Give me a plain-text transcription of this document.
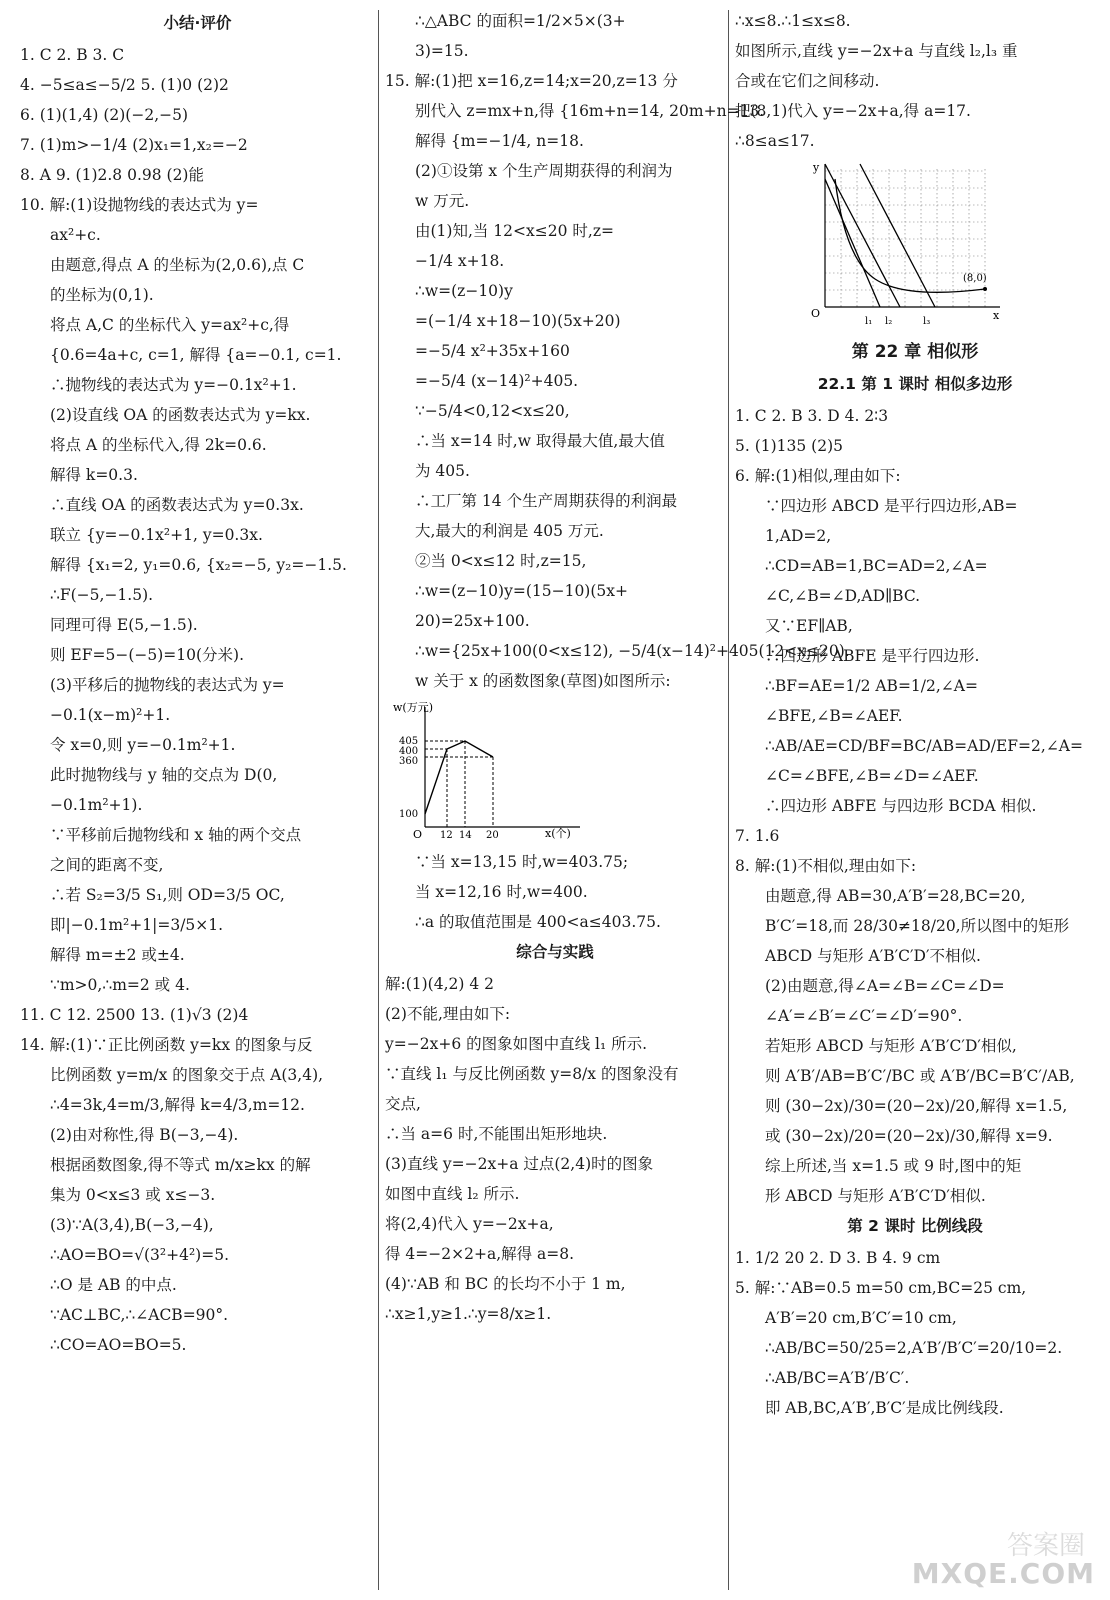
小结·评价
1. C 2. B 3. C
4. −5≤a≤−5/2 5. (1)0 (2)2
6. (1)(1,4) (2)(−2,−5)
7. (1)m>−1/4 (2)x₁=1,x₂=−2
8. A 9. (1)2.8 0.98 (2)能
10. 解:(1)设抛物线的表达式为 y=
ax²+c.
由题意,得点 A 的坐标为(2,0.6),点 C
的坐标为(0,1).
将点 A,C 的坐标代入 y=ax²+c,得
{0.6=4a+c, c=1, 解得 {a=−0.1, c=1.
∴抛物线的表达式为 y=−0.1x²+1.
(2)设直线 OA 的函数表达式为 y=kx.
将点 A 的坐标代入,得 2k=0.6.
解得 k=0.3.
∴直线 OA 的函数表达式为 y=0.3x.
联立 {y=−0.1x²+1, y=0.3x.
解得 {x₁=2, y₁=0.6, {x₂=−5, y₂=−1.5.
∴F(−5,−1.5).
同理可得 E(5,−1.5).
则 EF=5−(−5)=10(分米).
(3)平移后的抛物线的表达式为 y=
−0.1(x−m)²+1.
令 x=0,则 y=−0.1m²+1.
此时抛物线与 y 轴的交点为 D(0,
−0.1m²+1).
∵平移前后抛物线和 x 轴的两个交点
之间的距离不变,
∴若 S₂=3/5 S₁,则 OD=3/5 OC,
即|−0.1m²+1|=3/5×1.
解得 m=±2 或±4.
∵m>0,∴m=2 或 4.
11. C 12. 2500 13. (1)√3 (2)4
14. 解:(1)∵正比例函数 y=kx 的图象与反
比例函数 y=m/x 的图象交于点 A(3,4),
∴4=3k,4=m/3,解得 k=4/3,m=12.
(2)由对称性,得 B(−3,−4).
根据函数图象,得不等式 m/x≥kx 的解
集为 0<x≤3 或 x≤−3.
(3)∵A(3,4),B(−3,−4),
∴AO=BO=√(3²+4²)=5.
∴O 是 AB 的中点.
∵AC⊥BC,∴∠ACB=90°.
∴CO=AO=BO=5.
∴△ABC 的面积=1/2×5×(3+
3)=15.
15. 解:(1)把 x=16,z=14;x=20,z=13 分
别代入 z=mx+n,得 {16m+n=14, 20m+n=13.
解得 {m=−1/4, n=18.
(2)①设第 x 个生产周期获得的利润为
w 万元.
由(1)知,当 12<x≤20 时,z=
−1/4 x+18.
∴w=(z−10)y
=(−1/4 x+18−10)(5x+20)
=−5/4 x²+35x+160
=−5/4 (x−14)²+405.
∵−5/4<0,12<x≤20,
∴当 x=14 时,w 取得最大值,最大值
为 405.
∴工厂第 14 个生产周期获得的利润最
大,最大的利润是 405 万元.
②当 0<x≤12 时,z=15,
∴w=(z−10)y=(15−10)(5x+
20)=25x+100.
∴w={25x+100(0<x≤12), −5/4(x−14)²+405(12<x≤20).
w 关于 x 的函数图象(草图)如图所示:
w(万元)
x(个)
O
405
400
360
100
12 14 20
∵当 x=13,15 时,w=403.75;
当 x=12,16 时,w=400.
∴a 的取值范围是 400<a≤403.75.
综合与实践
解:(1)(4,2) 4 2
(2)不能,理由如下:
y=−2x+6 的图象如图中直线 l₁ 所示.
∵直线 l₁ 与反比例函数 y=8/x 的图象没有
交点,
∴当 a=6 时,不能围出矩形地块.
(3)直线 y=−2x+a 过点(2,4)时的图象
如图中直线 l₂ 所示.
将(2,4)代入 y=−2x+a,
得 4=−2×2+a,解得 a=8.
(4)∵AB 和 BC 的长均不小于 1 m,
∴x≥1,y≥1.∴y=8/x≥1.
∴x≤8.∴1≤x≤8.
如图所示,直线 y=−2x+a 与直线 l₂,l₃ 重
合或在它们之间移动.
把(8,1)代入 y=−2x+a,得 a=17.
∴8≤a≤17.
y
x
O
(8,0)
l₁ l₂	l₃
第 22 章 相似形
22.1 第 1 课时 相似多边形
1. C 2. B 3. D 4. 2∶3
5. (1)135 (2)5
6. 解:(1)相似,理由如下:
∵四边形 ABCD 是平行四边形,AB=
1,AD=2,
∴CD=AB=1,BC=AD=2,∠A=
∠C,∠B=∠D,AD∥BC.
又∵EF∥AB,
∴四边形 ABFE 是平行四边形.
∴BF=AE=1/2 AB=1/2,∠A=
∠BFE,∠B=∠AEF.
∴AB/AE=CD/BF=BC/AB=AD/EF=2,∠A=
∠C=∠BFE,∠B=∠D=∠AEF.
∴四边形 ABFE 与四边形 BCDA 相似.
7. 1.6
8. 解:(1)不相似,理由如下:
由题意,得 AB=30,A′B′=28,BC=20,
B′C′=18,而 28/30≠18/20,所以图中的矩形
ABCD 与矩形 A′B′C′D′不相似.
(2)由题意,得∠A=∠B=∠C=∠D=
∠A′=∠B′=∠C′=∠D′=90°.
若矩形 ABCD 与矩形 A′B′C′D′相似,
则 A′B′/AB=B′C′/BC 或 A′B′/BC=B′C′/AB,
则 (30−2x)/30=(20−2x)/20,解得 x=1.5,
或 (30−2x)/20=(20−2x)/30,解得 x=9.
综上所述,当 x=1.5 或 9 时,图中的矩
形 ABCD 与矩形 A′B′C′D′相似.
第 2 课时 比例线段
1. 1/2 20 2. D 3. B 4. 9 cm
5. 解:∵AB=0.5 m=50 cm,BC=25 cm,
A′B′=20 cm,B′C′=10 cm,
∴AB/BC=50/25=2,A′B′/B′C′=20/10=2.
∴AB/BC=A′B′/B′C′.
即 AB,BC,A′B′,B′C′是成比例线段.
答案圈
MXQE.COM
